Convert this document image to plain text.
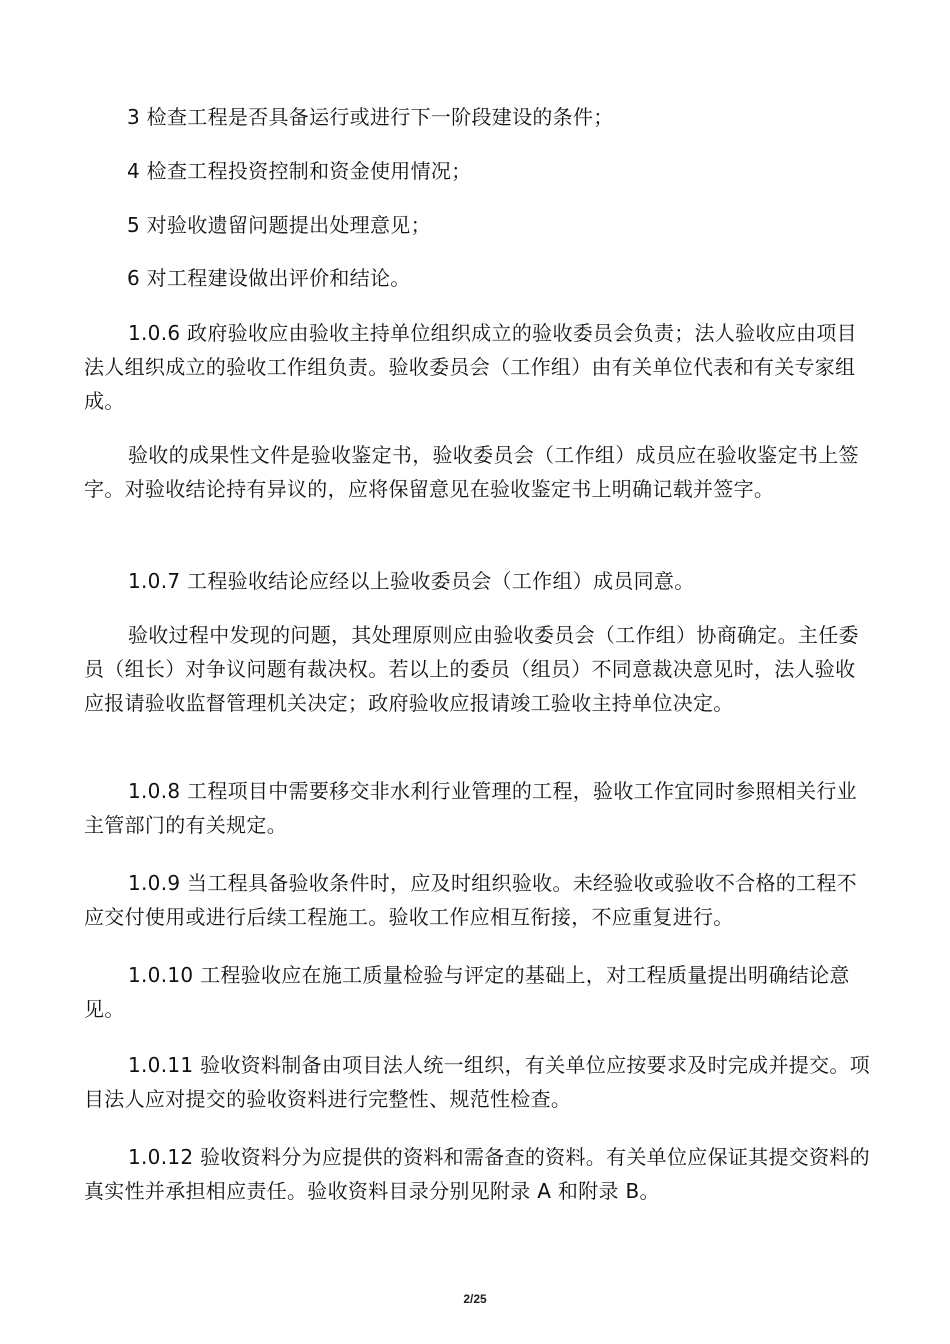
3 检查工程是否具备运行或进行下一阶段建设的条件；
4 检查工程投资控制和资金使用情况；
5 对验收遗留问题提出处理意见；
6 对工程建设做出评价和结论。
1.0.6 政府验收应由验收主持单位组织成立的验收委员会负责；法人验收应由项目法人组织成立的验收工作组负责。验收委员会（工作组）由有关单位代表和有关专家组成。
验收的成果性文件是验收鉴定书，验收委员会（工作组）成员应在验收鉴定书上签字。对验收结论持有异议的，应将保留意见在验收鉴定书上明确记载并签字。
1.0.7 工程验收结论应经以上验收委员会（工作组）成员同意。
验收过程中发现的问题，其处理原则应由验收委员会（工作组）协商确定。主任委员（组长）对争议问题有裁决权。若以上的委员（组员）不同意裁决意见时，法人验收应报请验收监督管理机关决定；政府验收应报请竣工验收主持单位决定。
1.0.8 工程项目中需要移交非水利行业管理的工程，验收工作宜同时参照相关行业主管部门的有关规定。
1.0.9 当工程具备验收条件时，应及时组织验收。未经验收或验收不合格的工程不应交付使用或进行后续工程施工。验收工作应相互衔接，不应重复进行。
1.0.10 工程验收应在施工质量检验与评定的基础上，对工程质量提出明确结论意见。
1.0.11 验收资料制备由项目法人统一组织，有关单位应按要求及时完成并提交。项目法人应对提交的验收资料进行完整性、规范性检查。
1.0.12 验收资料分为应提供的资料和需备查的资料。有关单位应保证其提交资料的真实性并承担相应责任。验收资料目录分别见附录 A 和附录 B。
2/25
